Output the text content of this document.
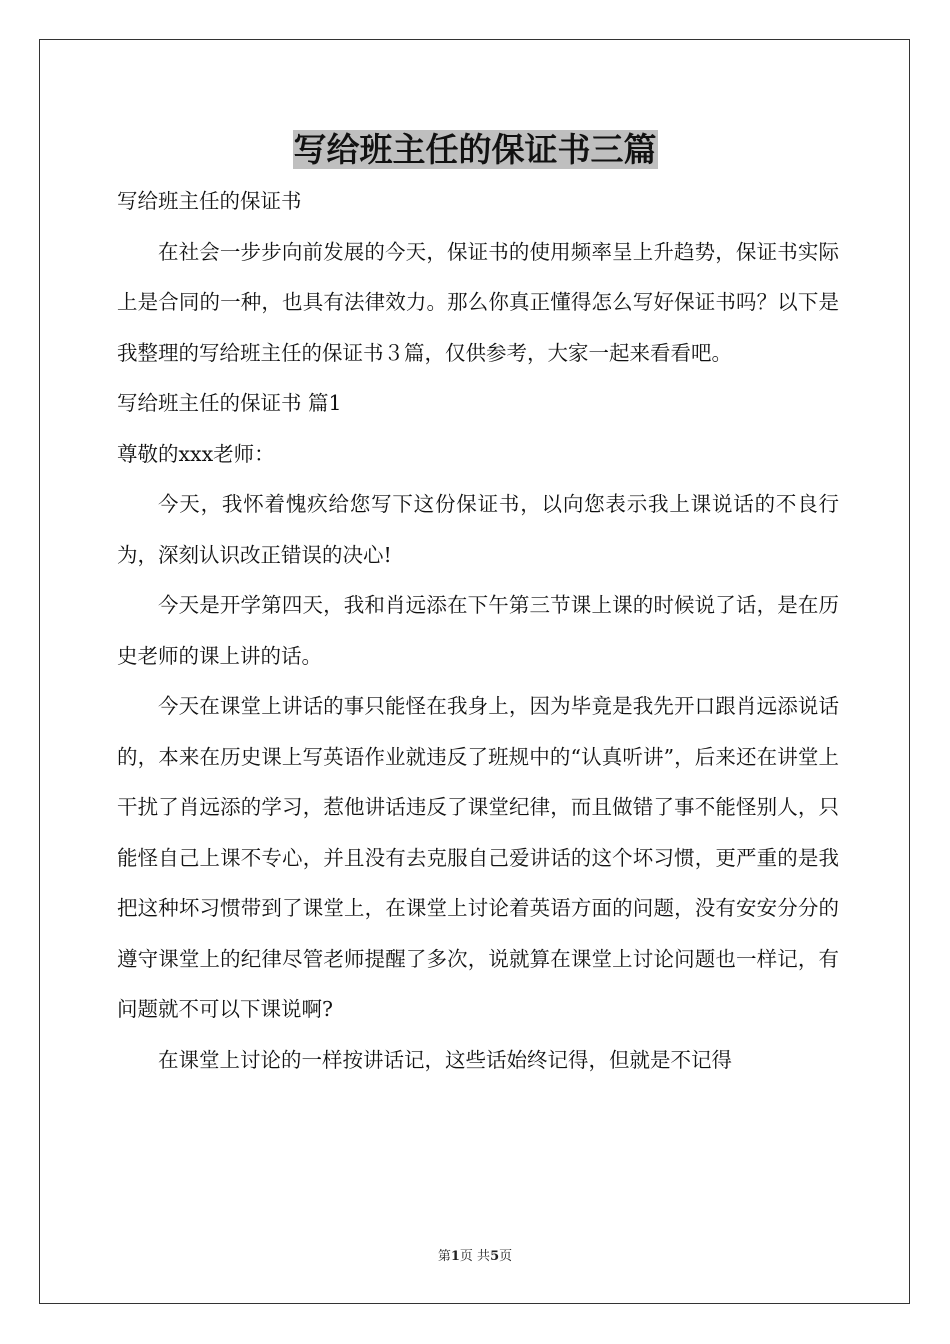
写给班主任的保证书三篇

写给班主任的保证书

在社会一步步向前发展的今天，保证书的使用频率呈上升趋势，保证书实际上是合同的一种，也具有法律效力。那么你真正懂得怎么写好保证书吗？以下是我整理的写给班主任的保证书３篇，仅供参考，大家一起来看看吧。

写给班主任的保证书 篇1

尊敬的xxx老师：

今天，我怀着愧疚给您写下这份保证书，以向您表示我上课说话的不良行为，深刻认识改正错误的决心!

今天是开学第四天，我和肖远添在下午第三节课上课的时候说了话，是在历史老师的课上讲的话。

今天在课堂上讲话的事只能怪在我身上，因为毕竟是我先开口跟肖远添说话的，本来在历史课上写英语作业就违反了班规中的“认真听讲”，后来还在讲堂上干扰了肖远添的学习，惹他讲话违反了课堂纪律，而且做错了事不能怪别人，只能怪自己上课不专心，并且没有去克服自己爱讲话的这个坏习惯，更严重的是我把这种坏习惯带到了课堂上，在课堂上讨论着英语方面的问题，没有安安分分的遵守课堂上的纪律尽管老师提醒了多次，说就算在课堂上讨论问题也一样记，有问题就不可以下课说啊?

在课堂上讨论的一样按讲话记，这些话始终记得，但就是不记得

第1页 共5页
